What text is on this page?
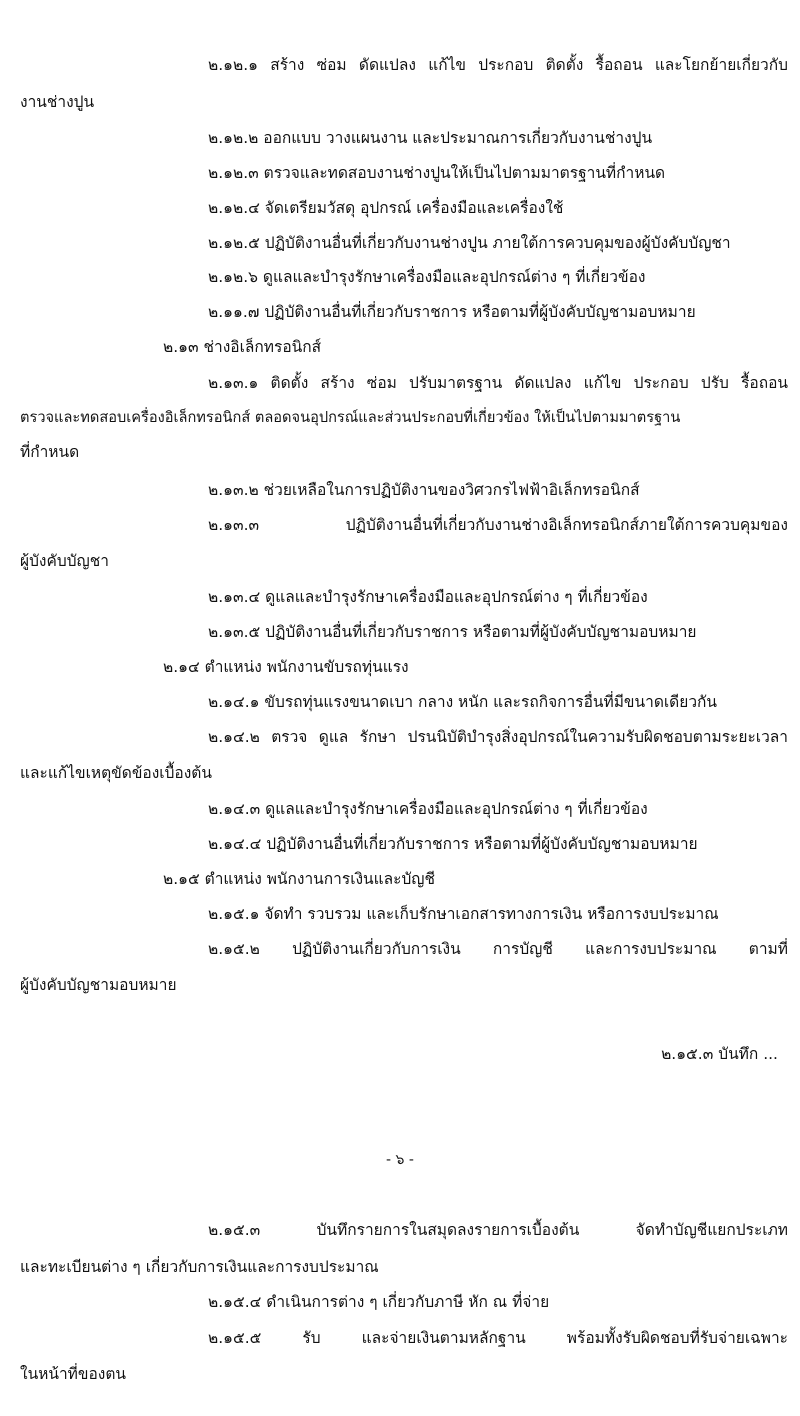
๒.๑๒.๑ สร้าง ซ่อม ดัดแปลง แก้ไข ประกอบ ติดตั้ง รื้อถอน และโยกย้ายเกี่ยวกับ
งานช่างปูน
๒.๑๒.๒ ออกแบบ วางแผนงาน และประมาณการเกี่ยวกับงานช่างปูน
๒.๑๒.๓ ตรวจและทดสอบงานช่างปูนให้เป็นไปตามมาตรฐานที่กำหนด
๒.๑๒.๔ จัดเตรียมวัสดุ อุปกรณ์ เครื่องมือและเครื่องใช้
๒.๑๒.๕ ปฏิบัติงานอื่นที่เกี่ยวกับงานช่างปูน ภายใต้การควบคุมของผู้บังคับบัญชา
๒.๑๒.๖ ดูแลและบำรุงรักษาเครื่องมือและอุปกรณ์ต่าง ๆ ที่เกี่ยวข้อง
๒.๑๑.๗ ปฏิบัติงานอื่นที่เกี่ยวกับราชการ หรือตามที่ผู้บังคับบัญชามอบหมาย
๒.๑๓ ช่างอิเล็กทรอนิกส์
๒.๑๓.๑ ติดตั้ง สร้าง ซ่อม ปรับมาตรฐาน ดัดแปลง แก้ไข ประกอบ ปรับ รื้อถอน
ตรวจและทดสอบเครื่องอิเล็กทรอนิกส์ ตลอดจนอุปกรณ์และส่วนประกอบที่เกี่ยวข้อง ให้เป็นไปตามมาตรฐาน
ที่กำหนด
๒.๑๓.๒ ช่วยเหลือในการปฏิบัติงานของวิศวกรไฟฟ้าอิเล็กทรอนิกส์
๒.๑๓.๓ ปฏิบัติงานอื่นที่เกี่ยวกับงานช่างอิเล็กทรอนิกส์ภายใต้การควบคุมของ
ผู้บังคับบัญชา
๒.๑๓.๔ ดูแลและบำรุงรักษาเครื่องมือและอุปกรณ์ต่าง ๆ ที่เกี่ยวข้อง
๒.๑๓.๕ ปฏิบัติงานอื่นที่เกี่ยวกับราชการ หรือตามที่ผู้บังคับบัญชามอบหมาย
๒.๑๔ ตำแหน่ง พนักงานขับรถทุ่นแรง
๒.๑๔.๑ ขับรถทุ่นแรงขนาดเบา กลาง หนัก และรถกิจการอื่นที่มีขนาดเดียวกัน
๒.๑๔.๒ ตรวจ ดูแล รักษา ปรนนิบัติบำรุงสิ่งอุปกรณ์ในความรับผิดชอบตามระยะเวลา
และแก้ไขเหตุขัดข้องเบื้องต้น
๒.๑๔.๓ ดูแลและบำรุงรักษาเครื่องมือและอุปกรณ์ต่าง ๆ ที่เกี่ยวข้อง
๒.๑๔.๔ ปฏิบัติงานอื่นที่เกี่ยวกับราชการ หรือตามที่ผู้บังคับบัญชามอบหมาย
๒.๑๕ ตำแหน่ง พนักงานการเงินและบัญชี
๒.๑๕.๑ จัดทำ รวบรวม และเก็บรักษาเอกสารทางการเงิน หรือการงบประมาณ
๒.๑๕.๒ ปฏิบัติงานเกี่ยวกับการเงิน การบัญชี และการงบประมาณ ตามที่
ผู้บังคับบัญชามอบหมาย
๒.๑๕.๓ บันทึก ...
- ๖ -
๒.๑๕.๓ บันทึกรายการในสมุดลงรายการเบื้องต้น จัดทำบัญชีแยกประเภท
และทะเบียนต่าง ๆ เกี่ยวกับการเงินและการงบประมาณ
๒.๑๕.๔ ดำเนินการต่าง ๆ เกี่ยวกับภาษี หัก ณ ที่จ่าย
๒.๑๕.๕ รับ และจ่ายเงินตามหลักฐาน พร้อมทั้งรับผิดชอบที่รับจ่ายเฉพาะ
ในหน้าที่ของตน
